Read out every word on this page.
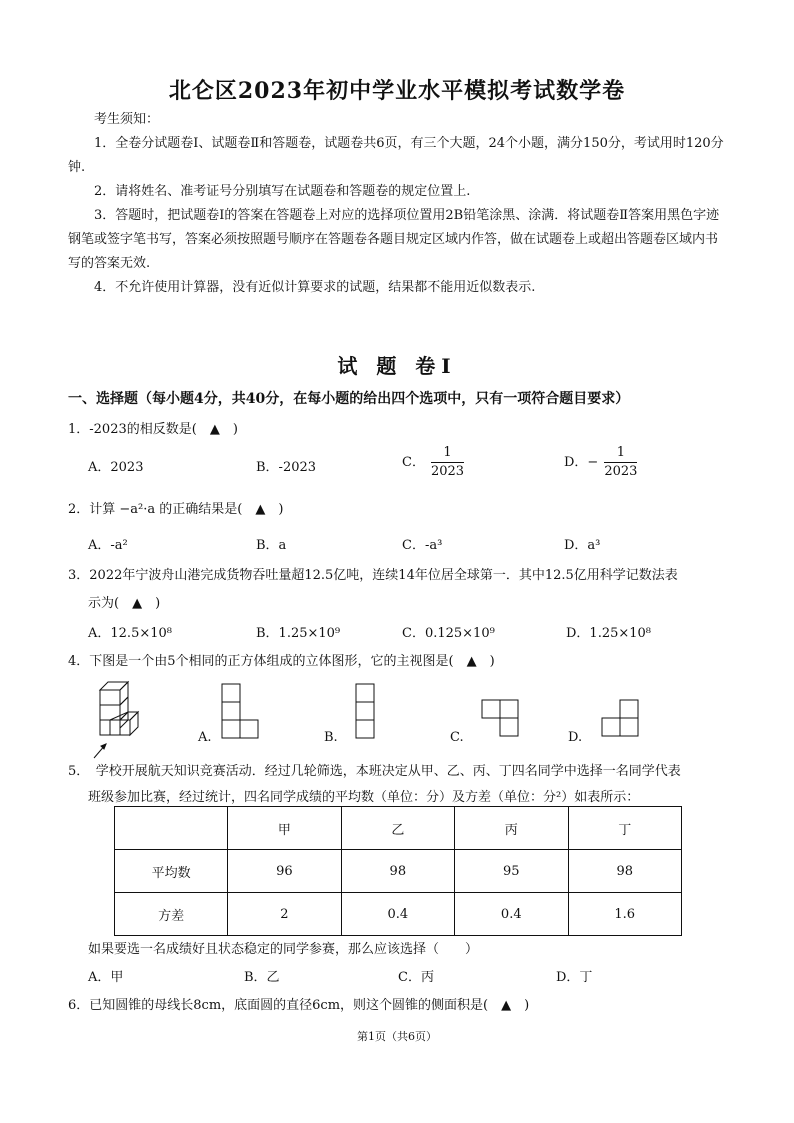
北仑区2023年初中学业水平模拟考试数学卷

考生须知：

1．全卷分试题卷Ⅰ、试题卷Ⅱ和答题卷，试题卷共6页，有三个大题，24个小题，满分150分，考试用时120分钟.

2．请将姓名、准考证号分别填写在试题卷和答题卷的规定位置上.

3．答题时，把试题卷Ⅰ的答案在答题卷上对应的选择项位置用2B铅笔涂黑、涂满．将试题卷Ⅱ答案用黑色字迹钢笔或签字笔书写，答案必须按照题号顺序在答题卷各题目规定区域内作答，做在试题卷上或超出答题卷区域内书写的答案无效.

4．不允许使用计算器，没有近似计算要求的试题，结果都不能用近似数表示.

试 题 卷I
一、选择题（每小题4分，共40分，在每小题的给出四个选项中，只有一项符合题目要求）
1．-2023的相反数是(　▲　)
A．2023	B．-2023	C． $\frac{1}{2023}$	D．− $\frac{1}{2023}$
2．计算 −a²·a 的正确结果是(　▲　)
A．-a²	B．a	C．-a³	D．a³
3．2022年宁波舟山港完成货物吞吐量超12.5亿吨，连续14年位居全球第一．其中12.5亿用科学记数法表
示为(　▲　)
A．12.5×10⁸	B．1.25×10⁹	C．0.125×10⁹	D．1.25×10⁸
4．下图是一个由5个相同的正方体组成的立体图形，它的主视图是(　▲　)
A.	B.	C.	D.
5．　学校开展航天知识竞赛活动．经过几轮筛选，本班决定从甲、乙、丙、丁四名同学中选择一名同学代表
班级参加比赛，经过统计，四名同学成绩的平均数（单位：分）及方差（单位：分²）如表所示：
	甲	乙	丙	丁
平均数	96	98	95	98
方差	2	0.4	0.4	1.6
如果要选一名成绩好且状态稳定的同学参赛，那么应该选择（　　）
A．甲	B．乙	C．丙	D．丁
6．已知圆锥的母线长8cm，底面圆的直径6cm，则这个圆锥的侧面积是(　▲　)
第1页（共6页）
